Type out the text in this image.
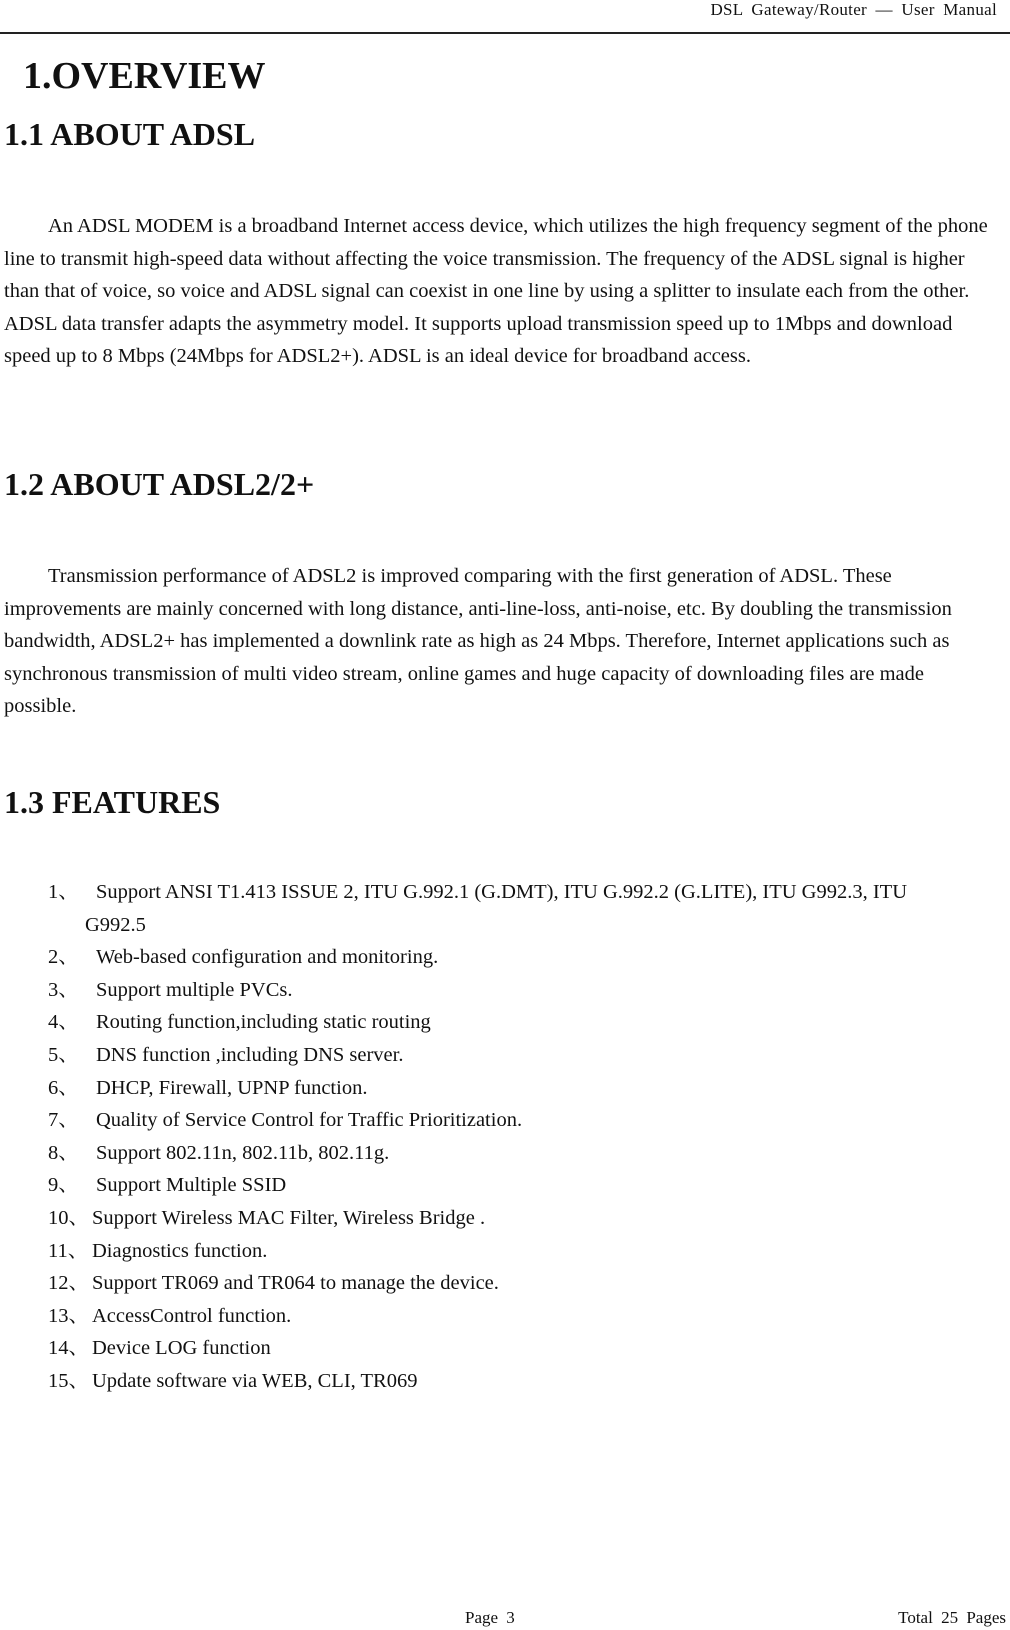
DSL Gateway/Router — User Manual
1.OVERVIEW
1.1 ABOUT ADSL

An ADSL MODEM is a broadband Internet access device, which utilizes the high frequency segment of the phone line to transmit high-speed data without affecting the voice transmission. The frequency of the ADSL signal is higher than that of voice, so voice and ADSL signal can coexist in one line by using a splitter to insulate each from the other. ADSL data transfer adapts the asymmetry model. It supports upload transmission speed up to 1Mbps and download speed up to 8 Mbps (24Mbps for ADSL2+). ADSL is an ideal device for broadband access.

1.2 ABOUT ADSL2/2+

Transmission performance of ADSL2 is improved comparing with the first generation of ADSL. These improvements are mainly concerned with long distance, anti-line-loss, anti-noise, etc. By doubling the transmission bandwidth, ADSL2+ has implemented a downlink rate as high as 24 Mbps. Therefore, Internet applications such as synchronous transmission of multi video stream, online games and huge capacity of downloading files are made possible.

1.3 FEATURES
1、 Support ANSI T1.413 ISSUE 2, ITU G.992.1 (G.DMT), ITU G.992.2 (G.LITE), ITU G992.3, ITU
G992.5
2、 Web-based configuration and monitoring.
3、 Support multiple PVCs.
4、 Routing function,including static routing
5、 DNS function ,including DNS server.
6、 DHCP, Firewall, UPNP function.
7、 Quality of Service Control for Traffic Prioritization.
8、 Support 802.11n, 802.11b, 802.11g.
9、 Support Multiple SSID
10、 Support Wireless MAC Filter, Wireless Bridge .
11、 Diagnostics function.
12、 Support TR069 and TR064 to manage the device.
13、 AccessControl function.
14、 Device LOG function
15、 Update software via WEB, CLI, TR069
Page 3	Total 25 Pages
